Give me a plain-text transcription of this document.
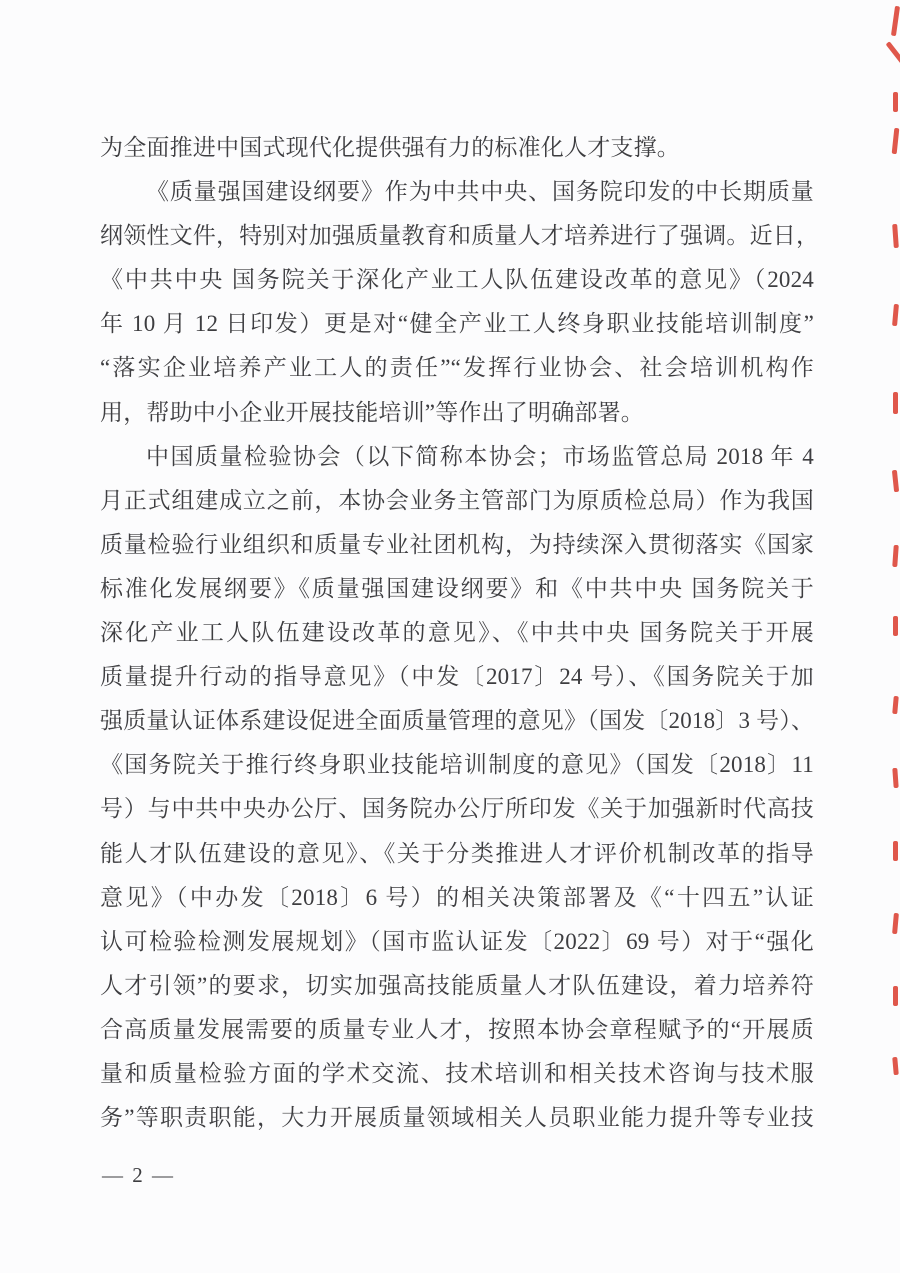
为全面推进中国式现代化提供强有力的标准化人才支撑。
《质量强国建设纲要》作为中共中央、国务院印发的中长期质量
纲领性文件，特别对加强质量教育和质量人才培养进行了强调。近日，
《中共中央 国务院关于深化产业工人队伍建设改革的意见》（2024
年 10 月 12 日印发）更是对“健全产业工人终身职业技能培训制度”
“落实企业培养产业工人的责任”“发挥行业协会、社会培训机构作
用，帮助中小企业开展技能培训”等作出了明确部署。
中国质量检验协会（以下简称本协会；市场监管总局 2018 年 4
月正式组建成立之前，本协会业务主管部门为原质检总局）作为我国
质量检验行业组织和质量专业社团机构，为持续深入贯彻落实《国家
标准化发展纲要》《质量强国建设纲要》和《中共中央 国务院关于
深化产业工人队伍建设改革的意见》、《中共中央 国务院关于开展
质量提升行动的指导意见》（中发〔2017〕24 号）、《国务院关于加
强质量认证体系建设促进全面质量管理的意见》（国发〔2018〕3 号）、
《国务院关于推行终身职业技能培训制度的意见》（国发〔2018〕11
号）与中共中央办公厅、国务院办公厅所印发《关于加强新时代高技
能人才队伍建设的意见》、《关于分类推进人才评价机制改革的指导
意见》（中办发〔2018〕6 号）的相关决策部署及《“十四五”认证
认可检验检测发展规划》（国市监认证发〔2022〕69 号）对于“强化
人才引领”的要求，切实加强高技能质量人才队伍建设，着力培养符
合高质量发展需要的质量专业人才，按照本协会章程赋予的“开展质
量和质量检验方面的学术交流、技术培训和相关技术咨询与技术服
务”等职责职能，大力开展质量领域相关人员职业能力提升等专业技
— 2 —
